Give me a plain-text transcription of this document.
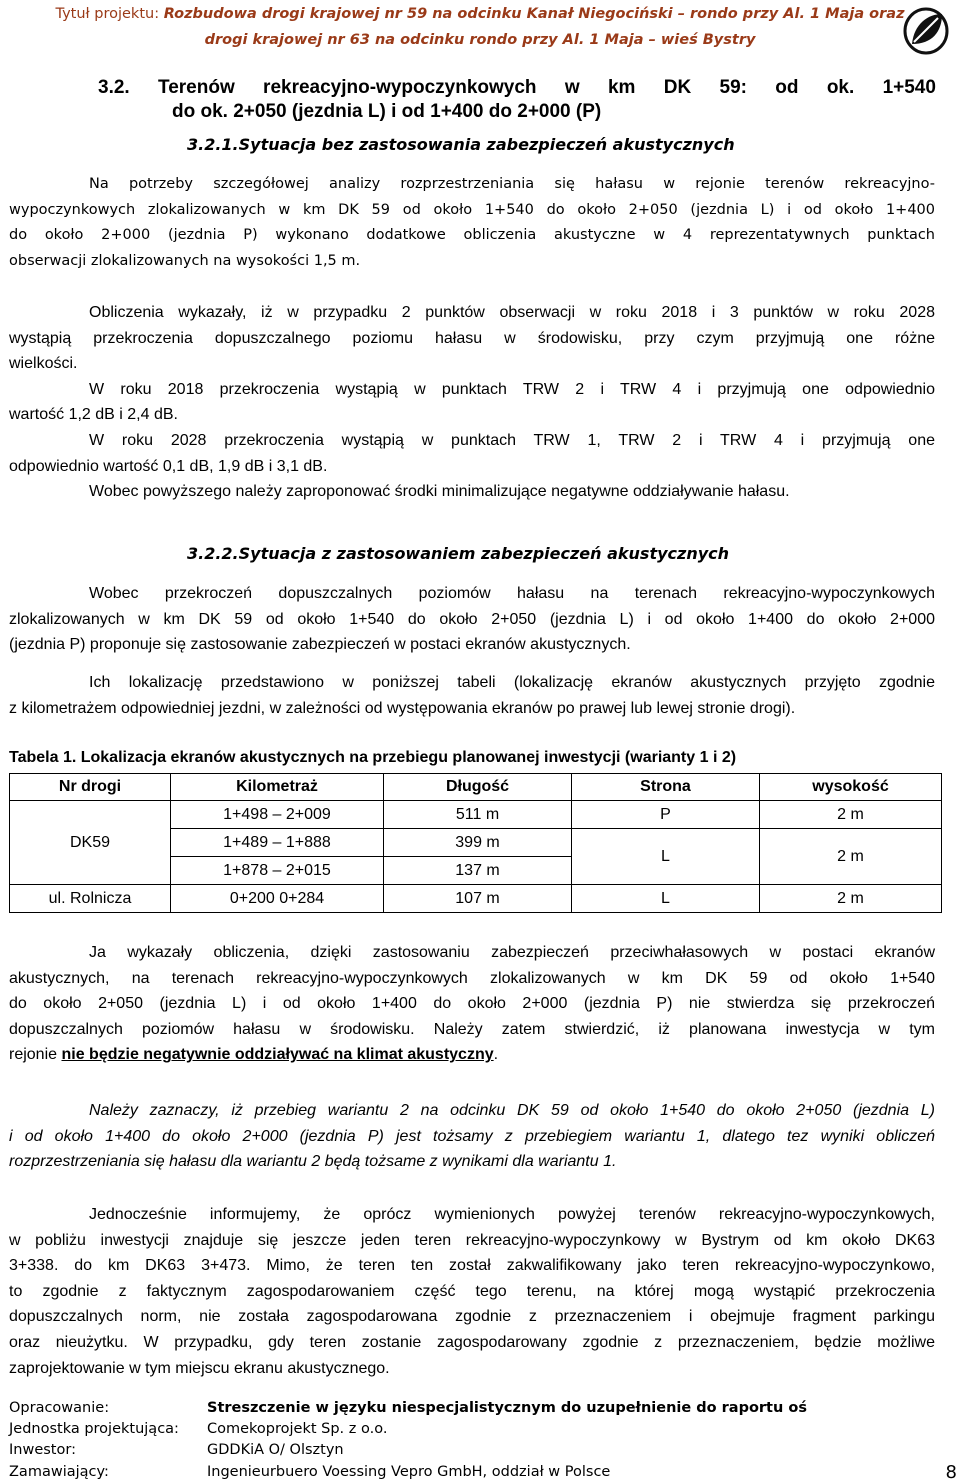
Tytuł projektu: Rozbudowa drogi krajowej nr 59 na odcinku Kanał Niegociński – rondo przy Al. 1 Maja oraz
drogi krajowej nr 63 na odcinku rondo przy Al. 1 Maja – wieś Bystry
3.2. Terenów rekreacyjno-wypoczynkowych w km DK 59: od ok. 1+540
do ok. 2+050 (jezdnia L) i od 1+400 do 2+000 (P)
3.2.1.Sytuacja bez zastosowania zabezpieczeń akustycznych
Na potrzeby szczegółowej analizy rozprzestrzeniania się hałasu w rejonie terenów rekreacyjno-
wypoczynkowych zlokalizowanych w km DK 59 od około 1+540 do około 2+050 (jezdnia L) i od około 1+400
do około 2+000 (jezdnia P) wykonano dodatkowe obliczenia akustyczne w 4 reprezentatywnych punktach
obserwacji zlokalizowanych na wysokości 1,5 m.
Obliczenia wykazały, iż w przypadku 2 punktów obserwacji w roku 2018 i 3 punktów w roku 2028
wystąpią przekroczenia dopuszczalnego poziomu hałasu w środowisku, przy czym przyjmują one różne
wielkości.
W roku 2018 przekroczenia wystąpią w punktach TRW 2 i TRW 4 i przyjmują one odpowiednio
wartość 1,2 dB i 2,4 dB.
W roku 2028 przekroczenia wystąpią w punktach TRW 1, TRW 2 i TRW 4 i przyjmują one
odpowiednio wartość 0,1 dB, 1,9 dB i 3,1 dB.
Wobec powyższego należy zaproponować środki minimalizujące negatywne oddziaływanie hałasu.
3.2.2.Sytuacja z zastosowaniem zabezpieczeń akustycznych
Wobec przekroczeń dopuszczalnych poziomów hałasu na terenach rekreacyjno-wypoczynkowych
zlokalizowanych w km DK 59 od około 1+540 do około 2+050 (jezdnia L) i od około 1+400 do około 2+000
(jezdnia P) proponuje się zastosowanie zabezpieczeń w postaci ekranów akustycznych.
Ich lokalizację przedstawiono w poniższej tabeli (lokalizację ekranów akustycznych przyjęto zgodnie
z kilometrażem odpowiedniej jezdni, w zależności od występowania ekranów po prawej lub lewej stronie drogi).
Tabela 1. Lokalizacja ekranów akustycznych na przebiegu planowanej inwestycji (warianty 1 i 2)
Nr drogi	Kilometraż	Długość	Strona	wysokość
DK59	1+498 – 2+009	511 m	P	2 m
	1+489 – 1+888	399 m	L	2 m
	1+878 – 2+015	137 m		
ul. Rolnicza	0+200 0+284	107 m	L	2 m
Ja wykazały obliczenia, dzięki zastosowaniu zabezpieczeń przeciwhałasowych w postaci ekranów
akustycznych, na terenach rekreacyjno-wypoczynkowych zlokalizowanych w km DK 59 od około 1+540
do około 2+050 (jezdnia L) i od około 1+400 do około 2+000 (jezdnia P) nie stwierdza się przekroczeń
dopuszczalnych poziomów hałasu w środowisku. Należy zatem stwierdzić, iż planowana inwestycja w tym
rejonie nie będzie negatywnie oddziaływać na klimat akustyczny.
Należy zaznaczy, iż przebieg wariantu 2 na odcinku DK 59 od około 1+540 do około 2+050 (jezdnia L)
i od około 1+400 do około 2+000 (jezdnia P) jest tożsamy z przebiegiem wariantu 1, dlatego tez wyniki obliczeń
rozprzestrzeniania się hałasu dla wariantu 2 będą tożsame z wynikami dla wariantu 1.
Jednocześnie informujemy, że oprócz wymienionych powyżej terenów rekreacyjno-wypoczynkowych,
w pobliżu inwestycji znajduje się jeszcze jeden teren rekreacyjno-wypoczynkowy w Bystrym od km około DK63
3+338. do km DK63 3+473. Mimo, że teren ten został zakwalifikowany jako teren rekreacyjno-wypoczynkowo,
to zgodnie z faktycznym zagospodarowaniem część tego terenu, na której mogą wystąpić przekroczenia
dopuszczalnych norm, nie została zagospodarowana zgodnie z przeznaczeniem i obejmuje fragment parkingu
oraz nieużytku. W przypadku, gdy teren zostanie zagospodarowany zgodnie z przeznaczeniem, będzie możliwe
zaprojektowanie w tym miejscu ekranu akustycznego.
Opracowanie:	Streszczenie w języku niespecjalistycznym do uzupełnienie do raportu oś
Jednostka projektująca: Comekoprojekt Sp. z o.o.
Inwestor:	GDDKiA O/ Olsztyn
Zamawiający:	Ingenieurbuero Voessing Vepro GmbH, oddział w Polsce	8
